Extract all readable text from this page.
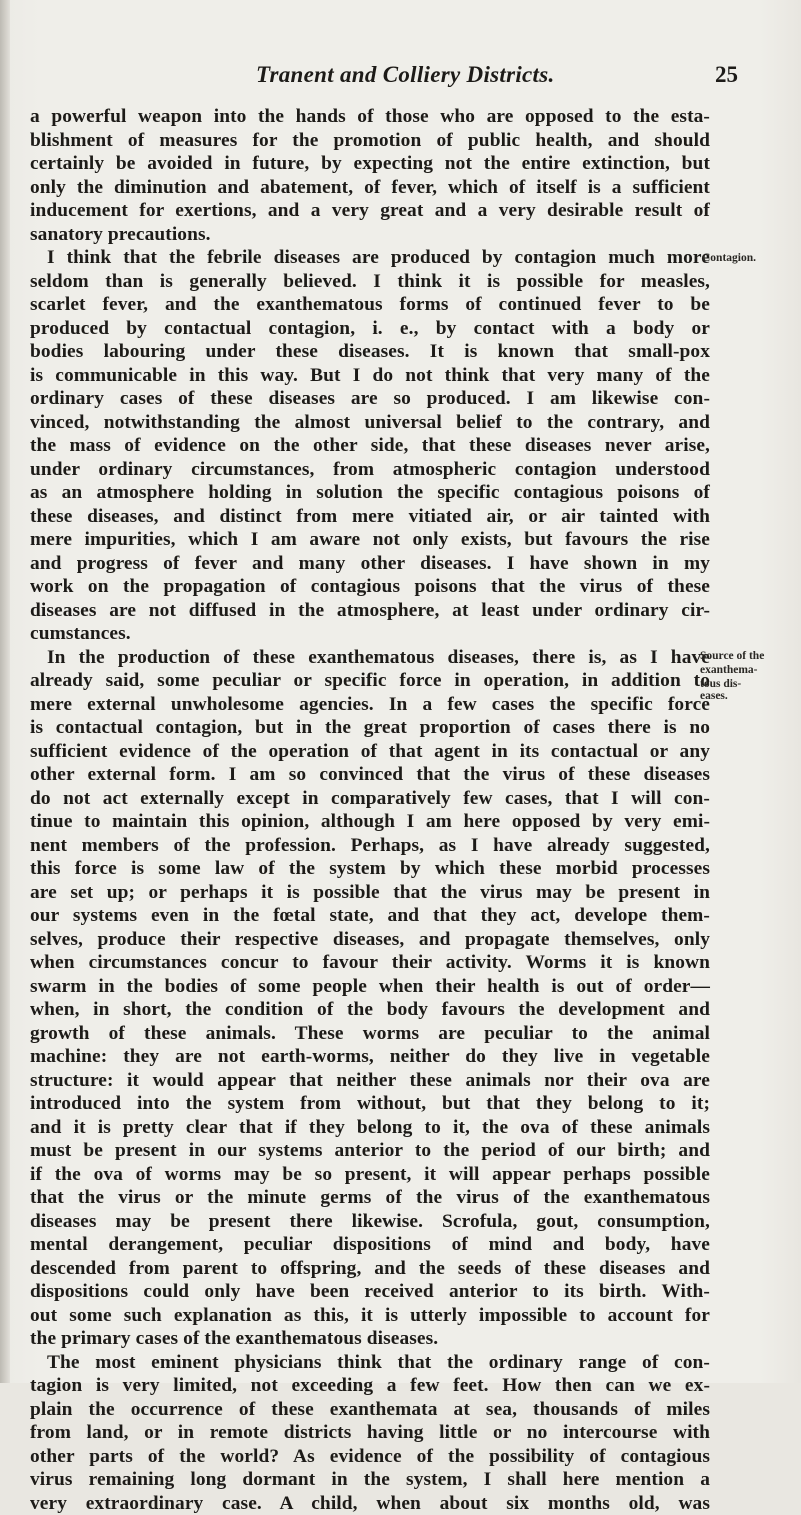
Tranent and Colliery Districts.	25
a powerful weapon into the hands of those who are opposed to the esta-
blishment of measures for the promotion of public health, and should
certainly be avoided in future, by expecting not the entire extinction, but
only the diminution and abatement, of fever, which of itself is a sufficient
inducement for exertions, and a very great and a very desirable result of
sanatory precautions.
I think that the febrile diseases are produced by contagion much more
seldom than is generally believed. I think it is possible for measles,
scarlet fever, and the exanthematous forms of continued fever to be
produced by contactual contagion, i. e., by contact with a body or
bodies labouring under these diseases. It is known that small-pox
is communicable in this way. But I do not think that very many of the
ordinary cases of these diseases are so produced. I am likewise con-
vinced, notwithstanding the almost universal belief to the contrary, and
the mass of evidence on the other side, that these diseases never arise,
under ordinary circumstances, from atmospheric contagion understood
as an atmosphere holding in solution the specific contagious poisons of
these diseases, and distinct from mere vitiated air, or air tainted with
mere impurities, which I am aware not only exists, but favours the rise
and progress of fever and many other diseases. I have shown in my
work on the propagation of contagious poisons that the virus of these
diseases are not diffused in the atmosphere, at least under ordinary cir-
cumstances.
In the production of these exanthematous diseases, there is, as I have
already said, some peculiar or specific force in operation, in addition to
mere external unwholesome agencies. In a few cases the specific force
is contactual contagion, but in the great proportion of cases there is no
sufficient evidence of the operation of that agent in its contactual or any
other external form. I am so convinced that the virus of these diseases
do not act externally except in comparatively few cases, that I will con-
tinue to maintain this opinion, although I am here opposed by very emi-
nent members of the profession. Perhaps, as I have already suggested,
this force is some law of the system by which these morbid processes
are set up; or perhaps it is possible that the virus may be present in
our systems even in the fœtal state, and that they act, develope them-
selves, produce their respective diseases, and propagate themselves, only
when circumstances concur to favour their activity. Worms it is known
swarm in the bodies of some people when their health is out of order—
when, in short, the condition of the body favours the development and
growth of these animals. These worms are peculiar to the animal
machine: they are not earth-worms, neither do they live in vegetable
structure: it would appear that neither these animals nor their ova are
introduced into the system from without, but that they belong to it;
and it is pretty clear that if they belong to it, the ova of these animals
must be present in our systems anterior to the period of our birth; and
if the ova of worms may be so present, it will appear perhaps possible
that the virus or the minute germs of the virus of the exanthematous
diseases may be present there likewise. Scrofula, gout, consumption,
mental derangement, peculiar dispositions of mind and body, have
descended from parent to offspring, and the seeds of these diseases and
dispositions could only have been received anterior to its birth. With-
out some such explanation as this, it is utterly impossible to account for
the primary cases of the exanthematous diseases.
The most eminent physicians think that the ordinary range of con-
tagion is very limited, not exceeding a few feet. How then can we ex-
plain the occurrence of these exanthemata at sea, thousands of miles
from land, or in remote districts having little or no intercourse with
other parts of the world? As evidence of the possibility of contagious
virus remaining long dormant in the system, I shall here mention a
very extraordinary case. A child, when about six months old, was
Contagion.
Source of the
exanthema-
tous dis-
eases.
